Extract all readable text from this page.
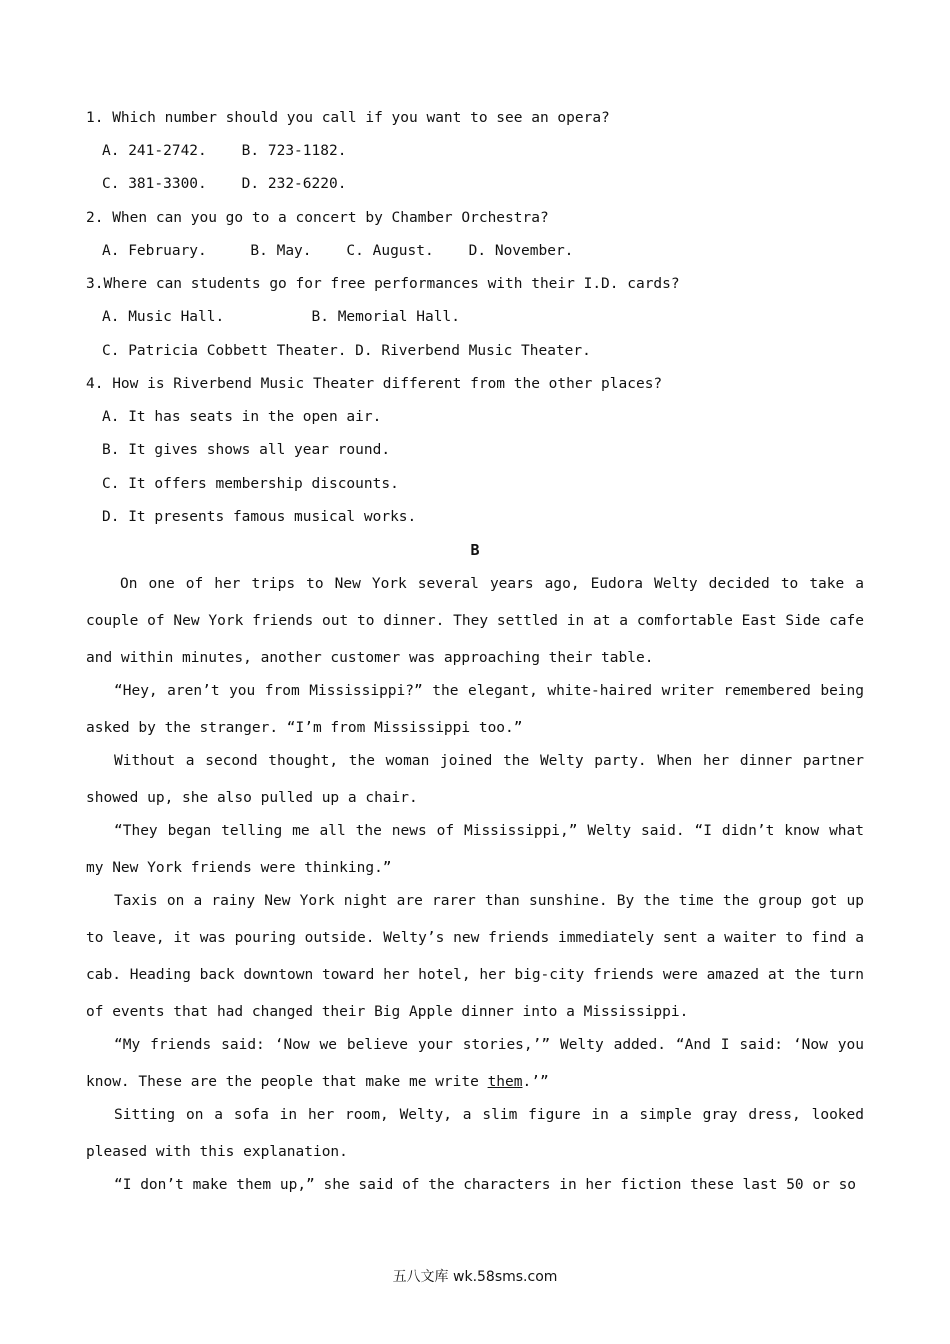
1. Which number should you call if you want to see an opera?
A. 241-2742.    B. 723-1182.
C. 381-3300.    D. 232-6220.
2. When can you go to a concert by Chamber Orchestra?
A. February.     B. May.    C. August.    D. November.
3.Where can students go for free performances with their I.D. cards?
A. Music Hall.          B. Memorial Hall.
C. Patricia Cobbett Theater. D. Riverbend Music Theater.
4. How is Riverbend Music Theater different from the other places?
A. It has seats in the open air.
B. It gives shows all year round.
C. It offers membership discounts.
D. It presents famous musical works.
B

On one of her trips to New York several years ago, Eudora Welty decided to take a couple of New York friends out to dinner. They settled in at a comfortable East Side cafe and within minutes, another customer was approaching their table.

“Hey, aren’t you from Mississippi?” the elegant, white-haired writer remembered being asked by the stranger. “I’m from Mississippi too.”

Without a second thought, the woman joined the Welty party. When her dinner partner showed up, she also pulled up a chair.

“They began telling me all the news of Mississippi,” Welty said. “I didn’t know what my New York friends were thinking.”

Taxis on a rainy New York night are rarer than sunshine. By the time the group got up to leave, it was pouring outside. Welty’s new friends immediately sent a waiter to find a cab. Heading back downtown toward her hotel, her big-city friends were amazed at the turn of events that had changed their Big Apple dinner into a Mississippi.

“My friends said: ‘Now we believe your stories,’” Welty added. “And I said: ‘Now you know. These are the people that make me write them.’”

Sitting on a sofa in her room, Welty, a slim figure in a simple gray dress, looked pleased with this explanation.

“I don’t make them up,” she said of the characters in her fiction these last 50 or so

五八文库 wk.58sms.com
